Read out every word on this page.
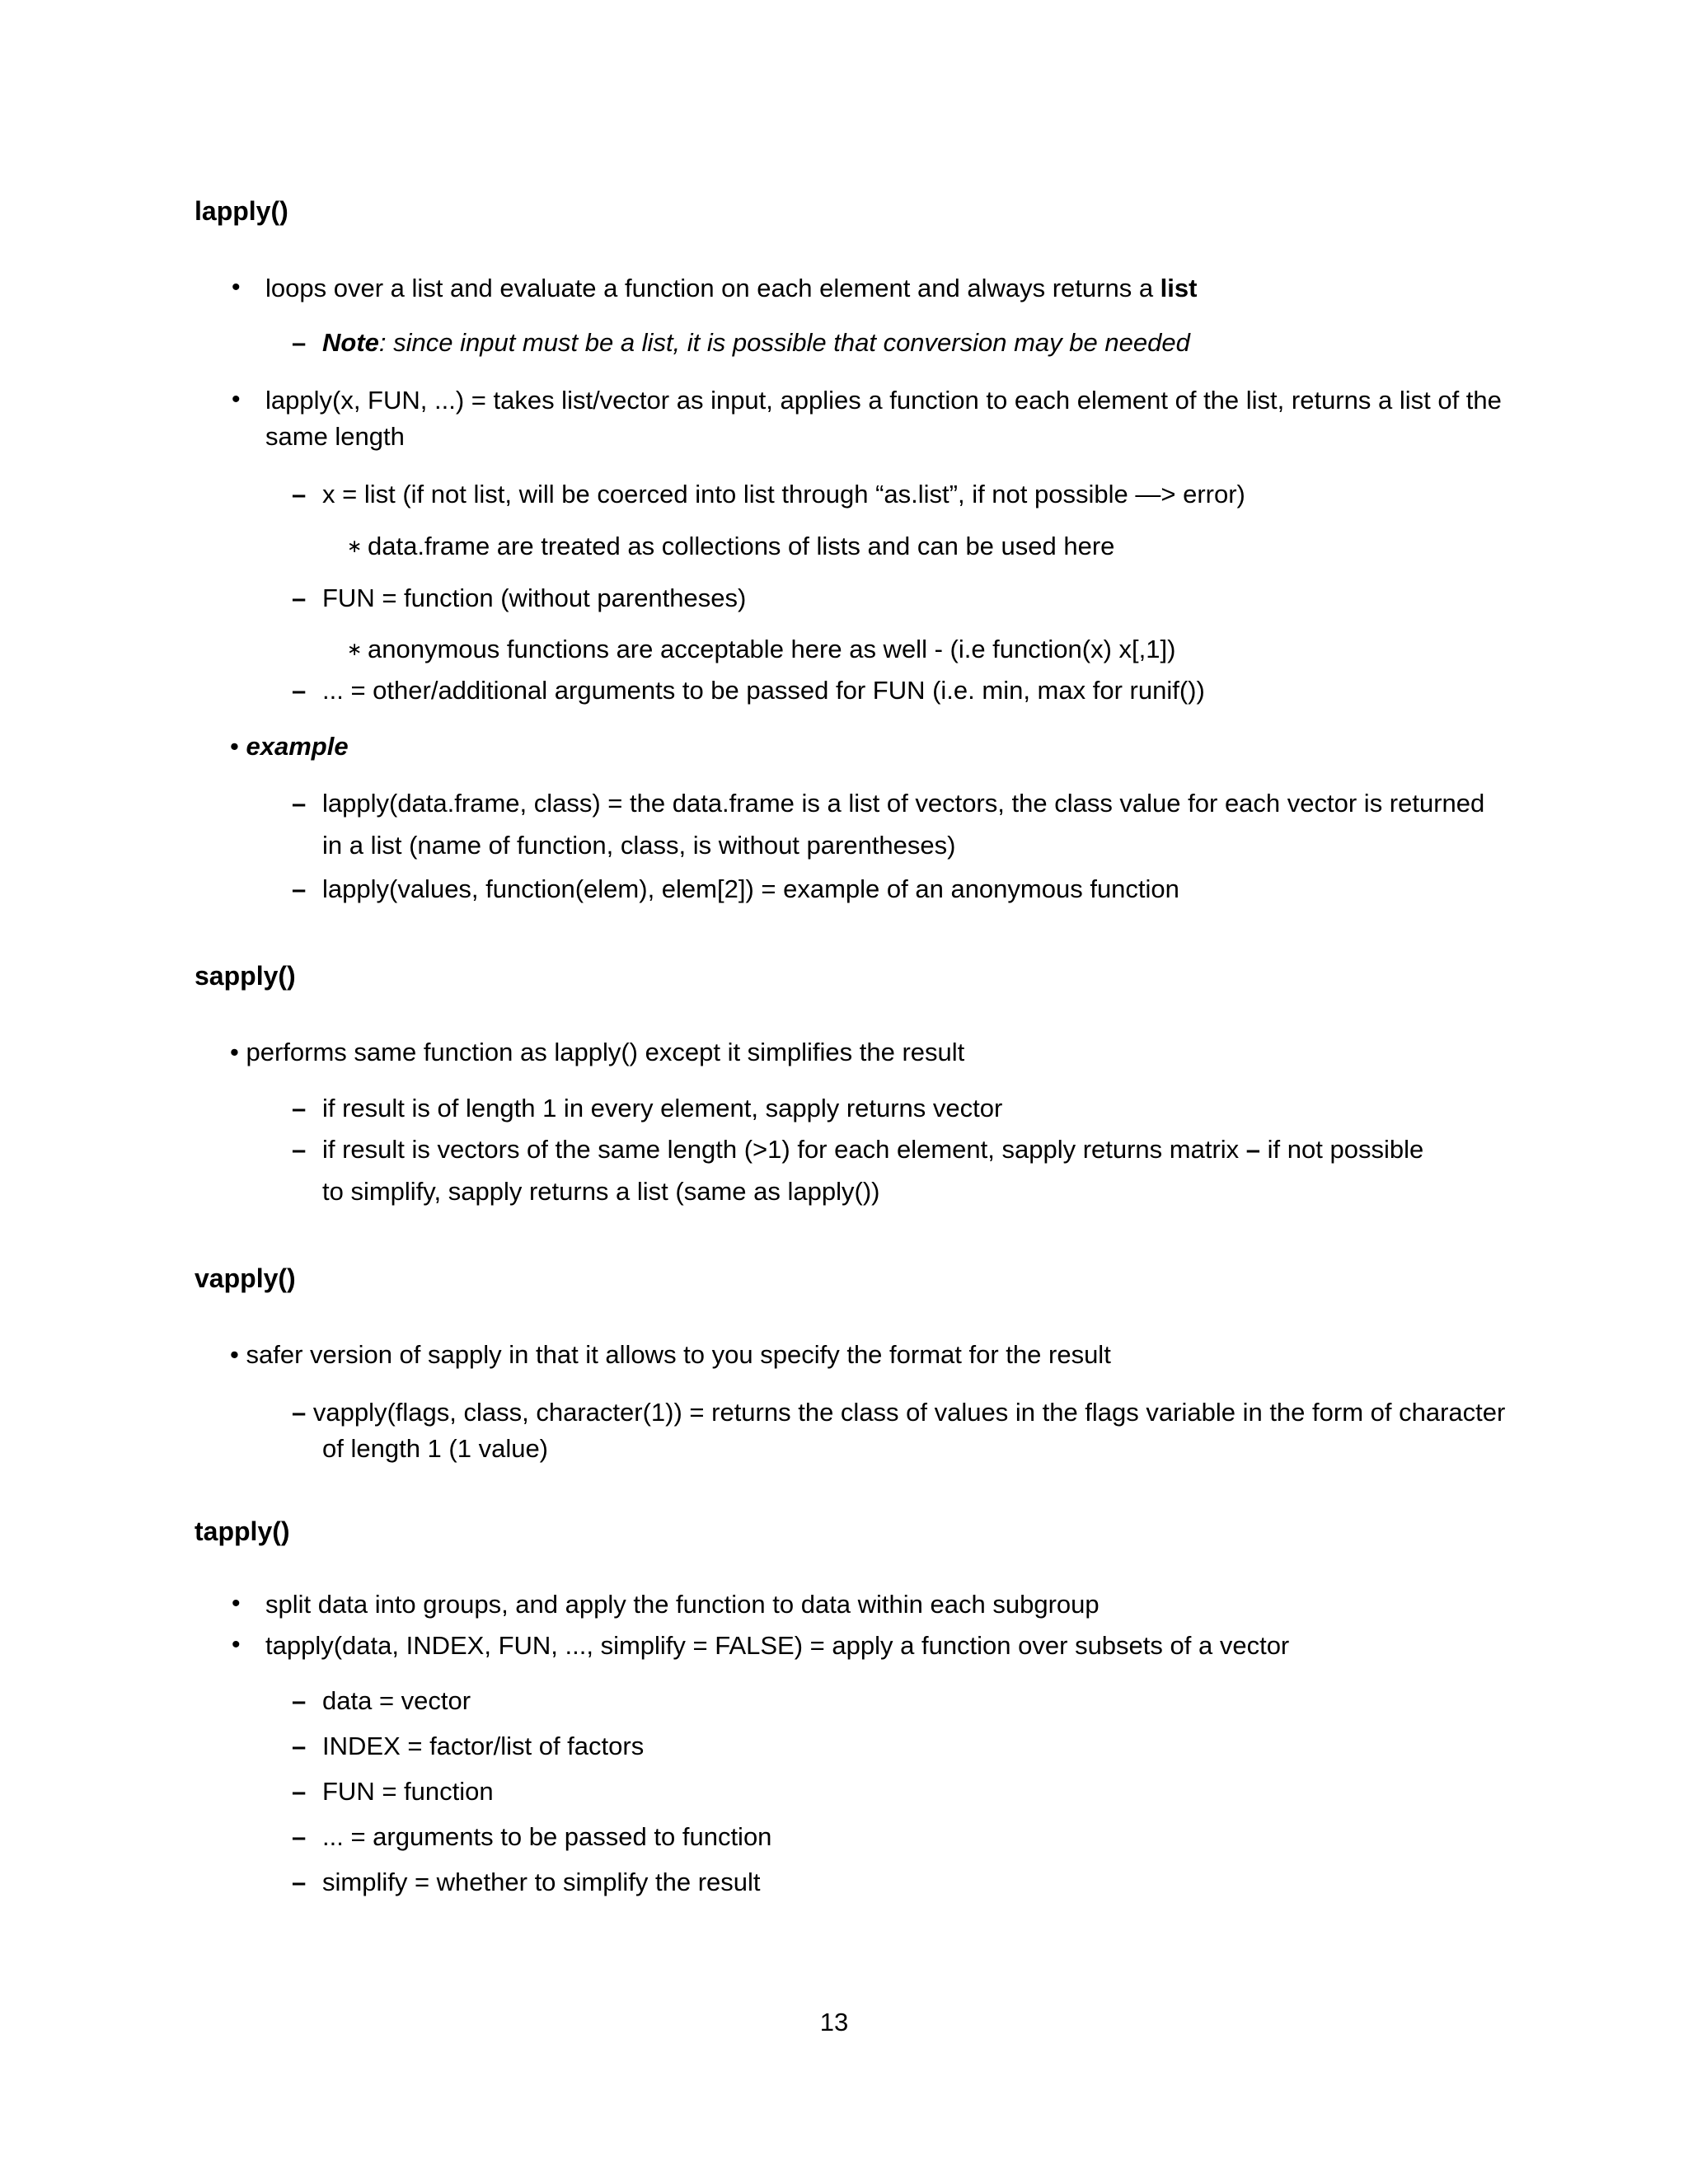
lapply()
• loops over a list and evaluate a function on each element and always returns a list
– Note: since input must be a list, it is possible that conversion may be needed
• lapply(x, FUN, ...) = takes list/vector as input, applies a function to each element of the list, returns a list of the
same length
– x = list (if not list, will be coerced into list through “as.list”, if not possible —> error)
∗ data.frame are treated as collections of lists and can be used here
– FUN = function (without parentheses)
∗ anonymous functions are acceptable here as well - (i.e function(x) x[,1])
– ... = other/additional arguments to be passed for FUN (i.e. min, max for runif())
• example
– lapply(data.frame, class) = the data.frame is a list of vectors, the class value for each vector is returned
in a list (name of function, class, is without parentheses)
– lapply(values, function(elem), elem[2]) = example of an anonymous function
sapply()
• performs same function as lapply() except it simplifies the result
– if result is of length 1 in every element, sapply returns vector
– if result is vectors of the same length (>1) for each element, sapply returns matrix – if not possible
to simplify, sapply returns a list (same as lapply())
vapply()
• safer version of sapply in that it allows to you specify the format for the result
– vapply(flags, class, character(1)) = returns the class of values in the flags variable in the form of character
of length 1 (1 value)
tapply()
• split data into groups, and apply the function to data within each subgroup
• tapply(data, INDEX, FUN, ..., simplify = FALSE) = apply a function over subsets of a vector
– data = vector
– INDEX = factor/list of factors
– FUN = function
– ... = arguments to be passed to function
– simplify = whether to simplify the result
13
